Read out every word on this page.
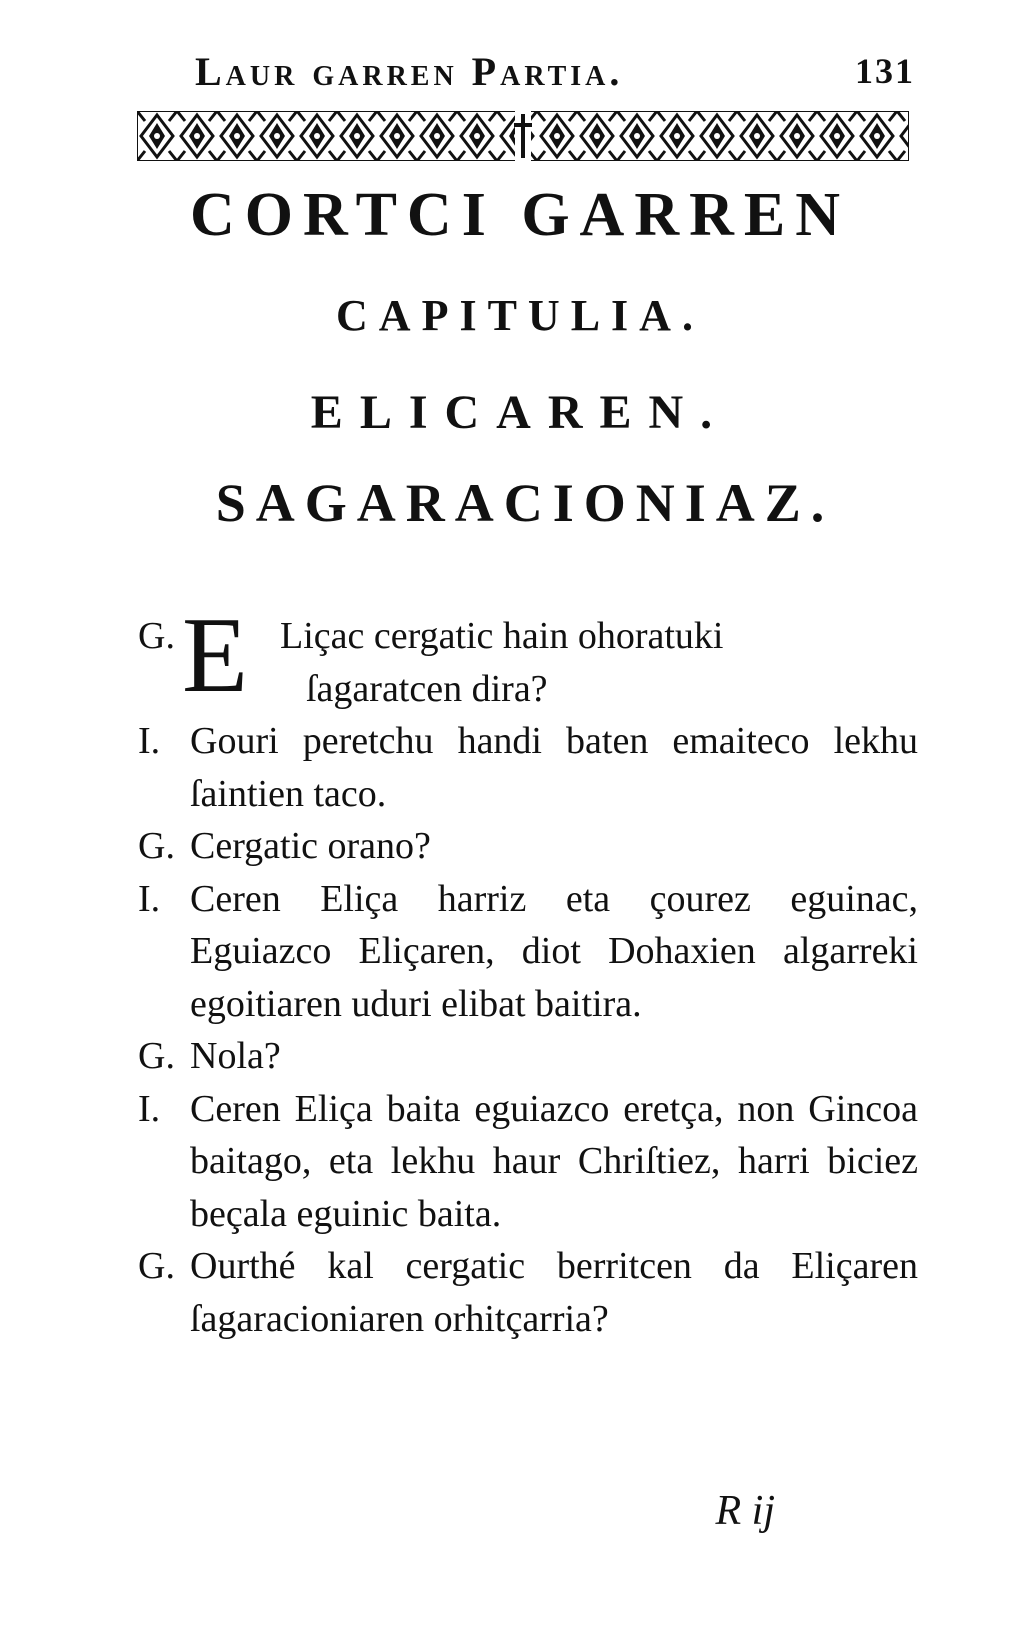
Laur garren Partia.	131
CORTCI GARREN
CAPITULIA.
ELICAREN.
SAGARACIONIAZ.
G. E Liçac cergatic hain ohoratuki
ſagaratcen dira?
I. Gouri peretchu handi baten emaiteco lekhu ſaintien taco.
G. Cergatic orano?
I. Ceren Eliça harriz eta çourez eguinac, Eguiazco Eliçaren, diot Dohaxien algarreki egoitiaren uduri elibat baitira.
G. Nola?
I. Ceren Eliça baita eguiazco eretça, non Gincoa baitago, eta lekhu haur Chriſtiez, harri biciez beçala eguinic baita.
G. Ourthé kal cergatic berritcen da Eliçaren ſagaracioniaren orhitçarria?
R ij
